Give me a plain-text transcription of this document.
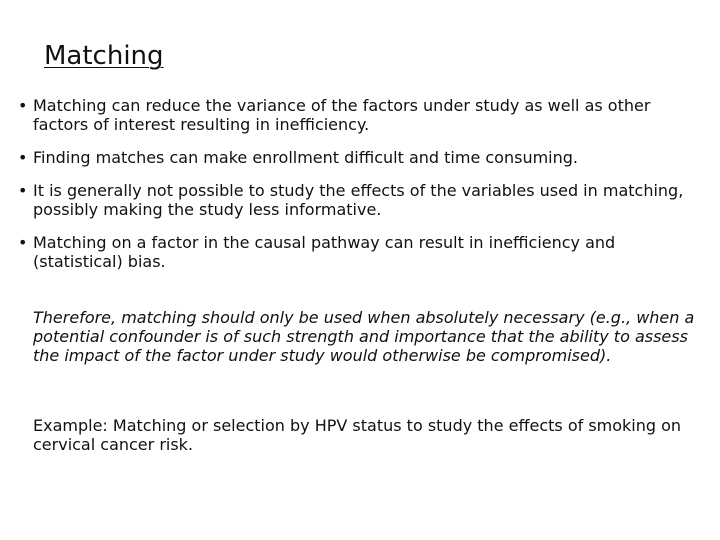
Matching
• Matching can reduce the variance of the factors under study as well as other factors of interest resulting in inefficiency.
• Finding matches can make enrollment difficult and time consuming.
• It is generally not possible to study the effects of the variables used in matching, possibly making the study less informative.
• Matching on a factor in the causal pathway can result in inefficiency and (statistical) bias.

Therefore, matching should only be used when absolutely necessary (e.g., when a potential confounder is of such strength and importance that the ability to assess the impact of the factor under study would otherwise be compromised).

Example: Matching or selection by HPV status to study the effects of smoking on cervical cancer risk.
